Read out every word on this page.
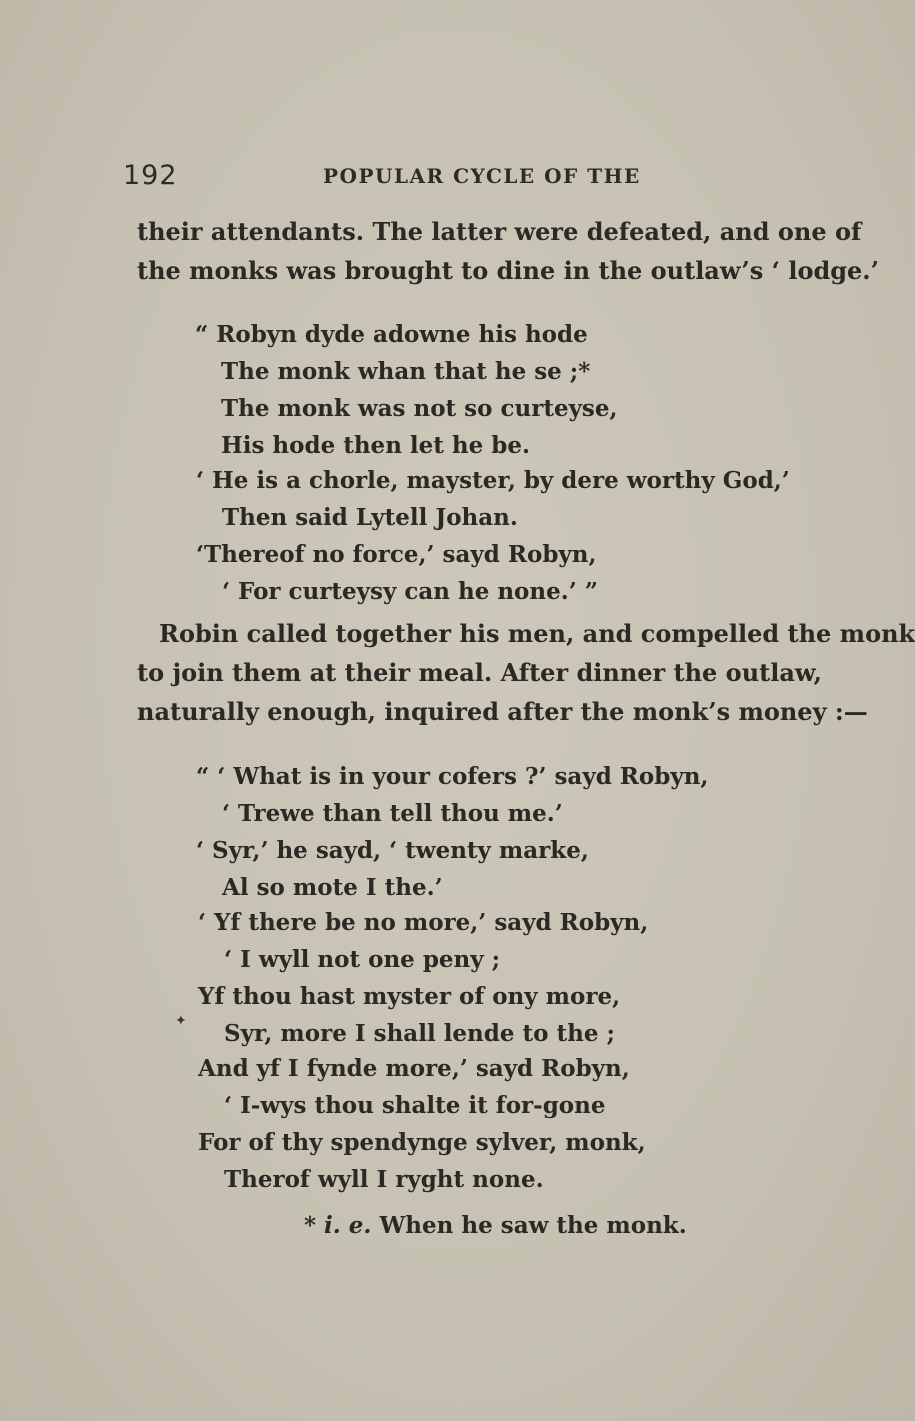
192	POPULAR CYCLE OF THE
their attendants. The latter were defeated, and one of
the monks was brought to dine in the outlaw’s ‘ lodge.’
“ Robyn dyde adowne his hode
The monk whan that he se ;*
The monk was not so curteyse,
His hode then let he be.
‘ He is a chorle, mayster, by dere worthy God,’
Then said Lytell Johan.
‘Thereof no force,’ sayd Robyn,
‘ For curteysy can he none.’ ”
Robin called together his men, and compelled the monk
to join them at their meal. After dinner the outlaw,
naturally enough, inquired after the monk’s money :—
“ ‘ What is in your cofers ?’ sayd Robyn,
‘ Trewe than tell thou me.’
‘ Syr,’ he sayd, ‘ twenty marke,
Al so mote I the.’
‘ Yf there be no more,’ sayd Robyn,
‘ I wyll not one peny ;
Yf thou hast myster of ony more,
Syr, more I shall lende to the ;
✦
And yf I fynde more,’ sayd Robyn,
‘ I-wys thou shalte it for-gone
For of thy spendynge sylver, monk,
Therof wyll I ryght none.
* i. e. When he saw the monk.
